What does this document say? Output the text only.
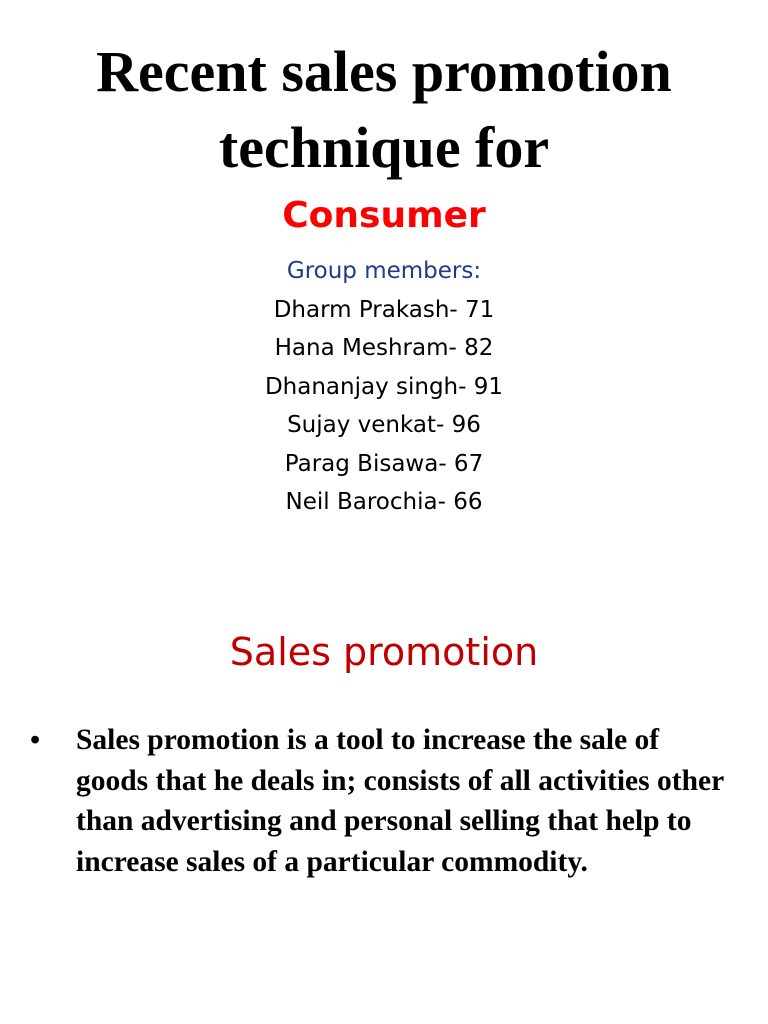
Recent sales promotion technique for
Consumer
Group members:
Dharm Prakash- 71
Hana Meshram- 82
Dhananjay singh- 91
Sujay venkat- 96
Parag Bisawa- 67
Neil Barochia- 66
Sales promotion
• Sales promotion is a tool to increase the sale of goods that he deals in; consists of all activities other than advertising and personal selling that help to increase sales of a particular commodity.
